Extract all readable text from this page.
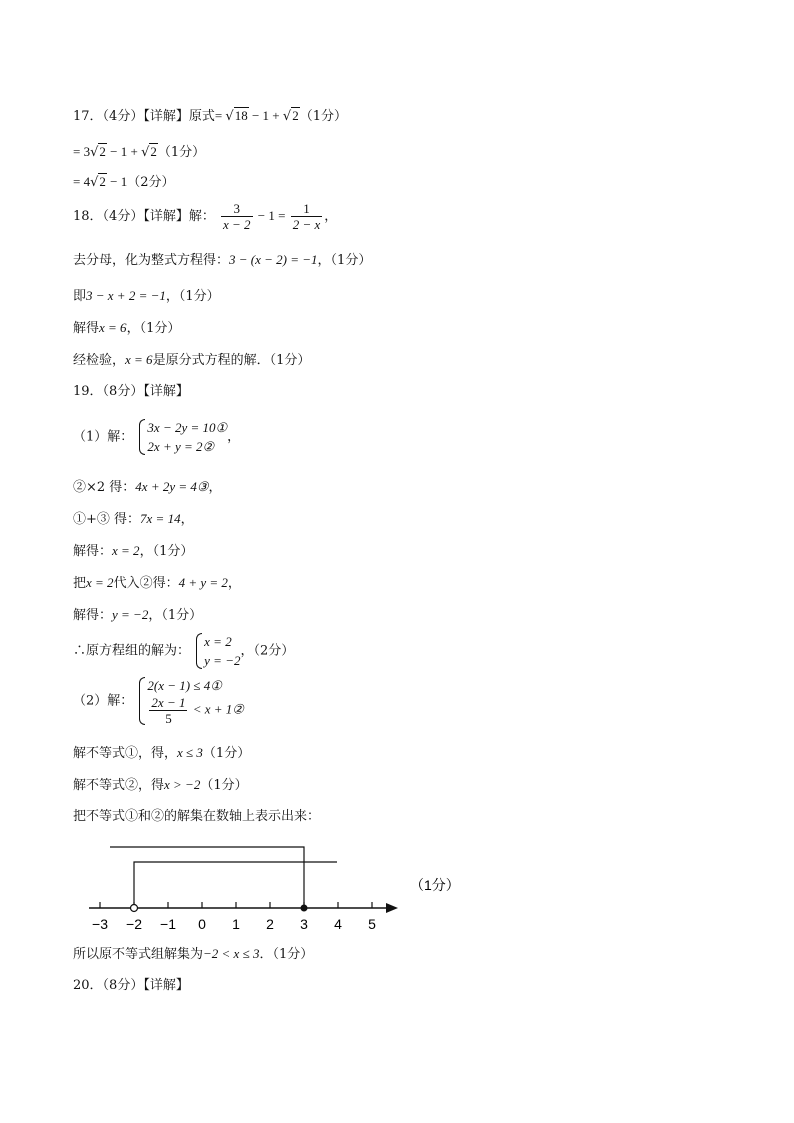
17．（4分）【详解】原式= √18 − 1 + √2（1分）
= 3√2 − 1 + √2（1分）
= 4√2 − 1（2分）
18．（4分）【详解】解： $\frac{3}{x - 2} - 1 = \frac{1}{2 - x}$ ，
去分母，化为整式方程得：3 − (x − 2) = −1，（1分）
即3 − x + 2 = −1，（1分）
解得x = 6，（1分）
经检验，x = 6是原分式方程的解．（1分）
19．（8分）【详解】
（1）解：
3x − 2y = 10①
2x + y = 2②
，
②×2 得：4x + 2y = 4③，
①+③ 得：7x = 14，
解得：x = 2，（1分）
把x = 2代入②得：4 + y = 2，
解得：y = −2，（1分）
∴原方程组的解为：
x = 2
y = −2
，（2分）
（2）解：
2(x − 1) ≤ 4①
$\frac{2x - 1}{5} < x$ + 1②
解不等式①，得，x ≤ 3（1分）
解不等式②，得x > −2（1分）
把不等式①和②的解集在数轴上表示出来：
−3 −2 −1 0 1 2 3 4 5
（1分）
所以原不等式组解集为−2 < x ≤ 3．（1分）
20．（8分）【详解】
